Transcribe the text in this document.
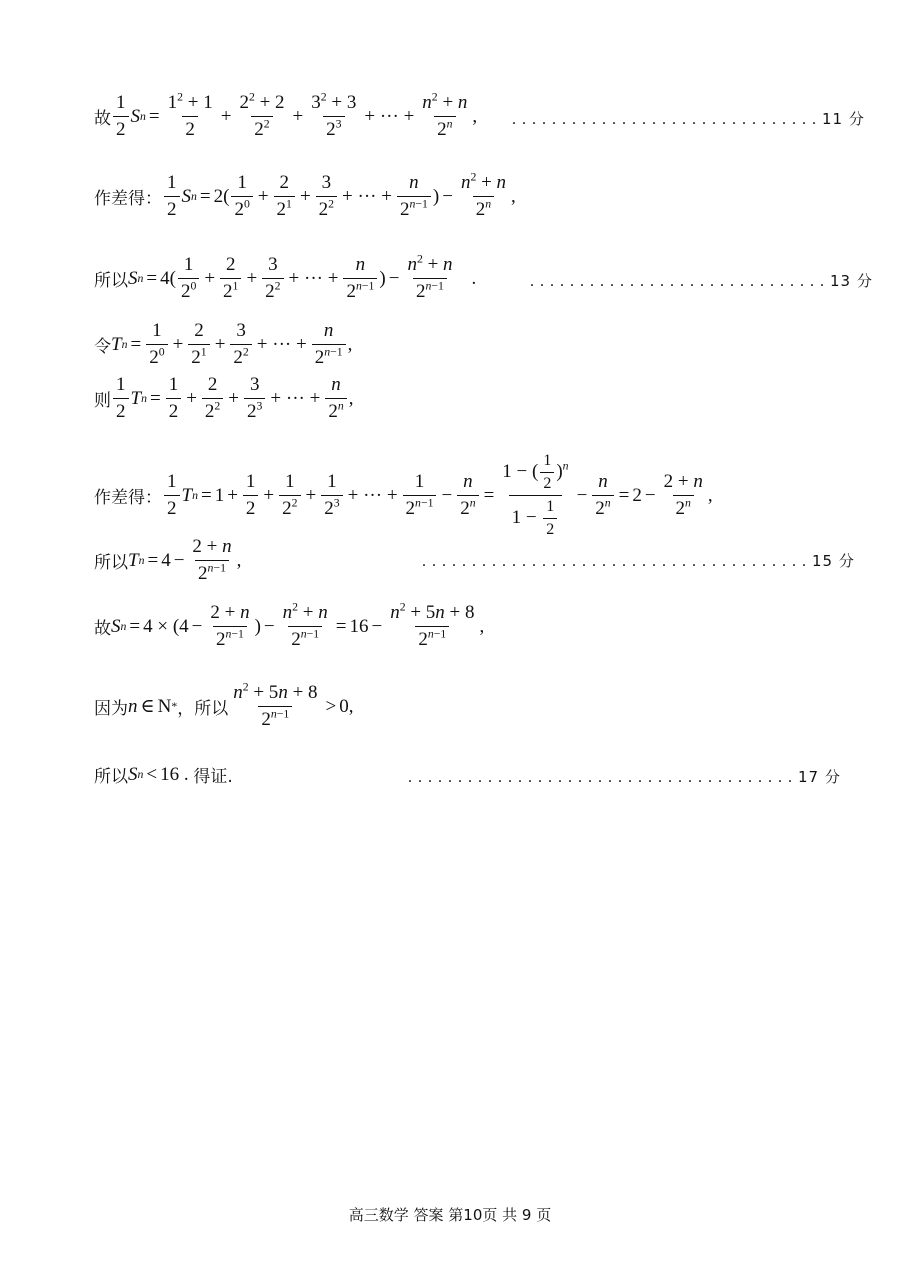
故 $\frac{1}{2}$ S $n = \frac{1^2 + 1}{2} + \frac{2^2 + 2}{2^2} + \frac{3^2 + 3}{2^3}$ + ··· + $\frac{n^2 + n}{2^n}$ , . . . . . . . . . . . . . . . . . . . . . . . . . . . . . . . 11 分
作差得： $\frac{1}{2}$ S $n = 2( \frac{1}{2^0} + \frac{2}{2^1} + \frac{3}{2^2}$ + ··· + $\frac{n}{2^{n-1}}$ ) − $\frac{n^2 + n}{2^n}$ ,
所以 S $n = 4( \frac{1}{2^0} + \frac{2}{2^1} + \frac{3}{2^2}$ + ··· + $\frac{n}{2^{n-1}}$ ) − $\frac{n^2 + n}{2^{n-1}}$ .	. . . . . . . . . . . . . . . . . . . . . . . . . . . . . . 13 分
令 T $n = \frac{1}{2^0} + \frac{2}{2^1} + \frac{3}{2^2}$ + ··· + $\frac{n}{2^{n-1}}$ ,
则 $\frac{1}{2}$ T $n = \frac{1}{2} + \frac{2}{2^2} + \frac{3}{2^3}$ + ··· + $\frac{n}{2^n}$ ,
作差得： $\frac{1}{2}$ T $n = 1 + \frac{1}{2} + \frac{1}{2^2} + \frac{1}{2^3}$ + ··· + $\frac{1}{2^{n-1}} - \frac{n}{2^n} = \frac{1 - ( \frac{1}{2} )^n}{1 - \frac{1}{2}} - \frac{n}{2^n} = 2 - \frac{2 + n}{2^n}$ ,
所以 T $n = 4 - \frac{2 + n}{2^{n-1}}$ ,	. . . . . . . . . . . . . . . . . . . . . . . . . . . . . . . . . . . . . . . 15 分
故 S $n = 4 \times (4 - \frac{2 + n}{2^{n-1}}$ ) − $\frac{n^2 + n}{2^{n-1}} = 16 - \frac{n^2 + 5n + 8}{2^{n-1}}$ ,
因为 n ∈ N * ，所以 $\frac{n^2 + 5n + 8}{2^{n-1}} > 0$ ,
所以 S n < 16 . 得证.	. . . . . . . . . . . . . . . . . . . . . . . . . . . . . . . . . . . . . . . 17 分
高三数学 答案 第10页 共 9 页
